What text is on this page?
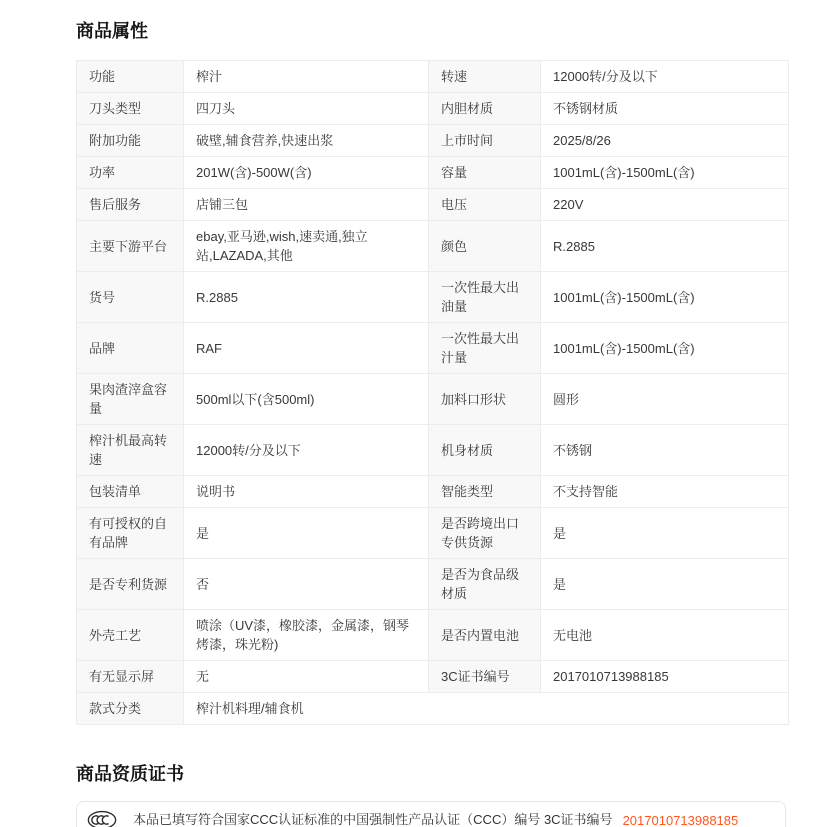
商品属性
功能	榨汁	转速	12000转/分及以下
刀头类型	四刀头	内胆材质	不锈钢材质
附加功能	破壁,辅食营养,快速出浆	上市时间	2025/8/26
功率	201W(含)-500W(含)	容量	1001mL(含)-1500mL(含)
售后服务	店铺三包	电压	220V
主要下游平台	ebay,亚马逊,wish,速卖通,独立站,LAZADA,其他	颜色	R.2885
货号	R.2885	一次性最大出油量	1001mL(含)-1500mL(含)
品牌	RAF	一次性最大出汁量	1001mL(含)-1500mL(含)
果肉渣滓盒容量	500ml以下(含500ml)	加料口形状	圆形
榨汁机最高转速	12000转/分及以下	机身材质	不锈钢
包装清单	说明书	智能类型	不支持智能
有可授权的自有品牌	是	是否跨境出口专供货源	是
是否专利货源	否	是否为食品级材质	是
外壳工艺	喷涂（UV漆，橡胶漆，金属漆，钢琴烤漆，珠光粉)	是否内置电池	无电池
有无显示屏	无	3C证书编号	2017010713988185
款式分类	榨汁机料理/辅食机		
商品资质证书
本品已填写符合国家CCC认证标准的中国强制性产品认证（CCC）编号 3C证书编号 2017010713988185
